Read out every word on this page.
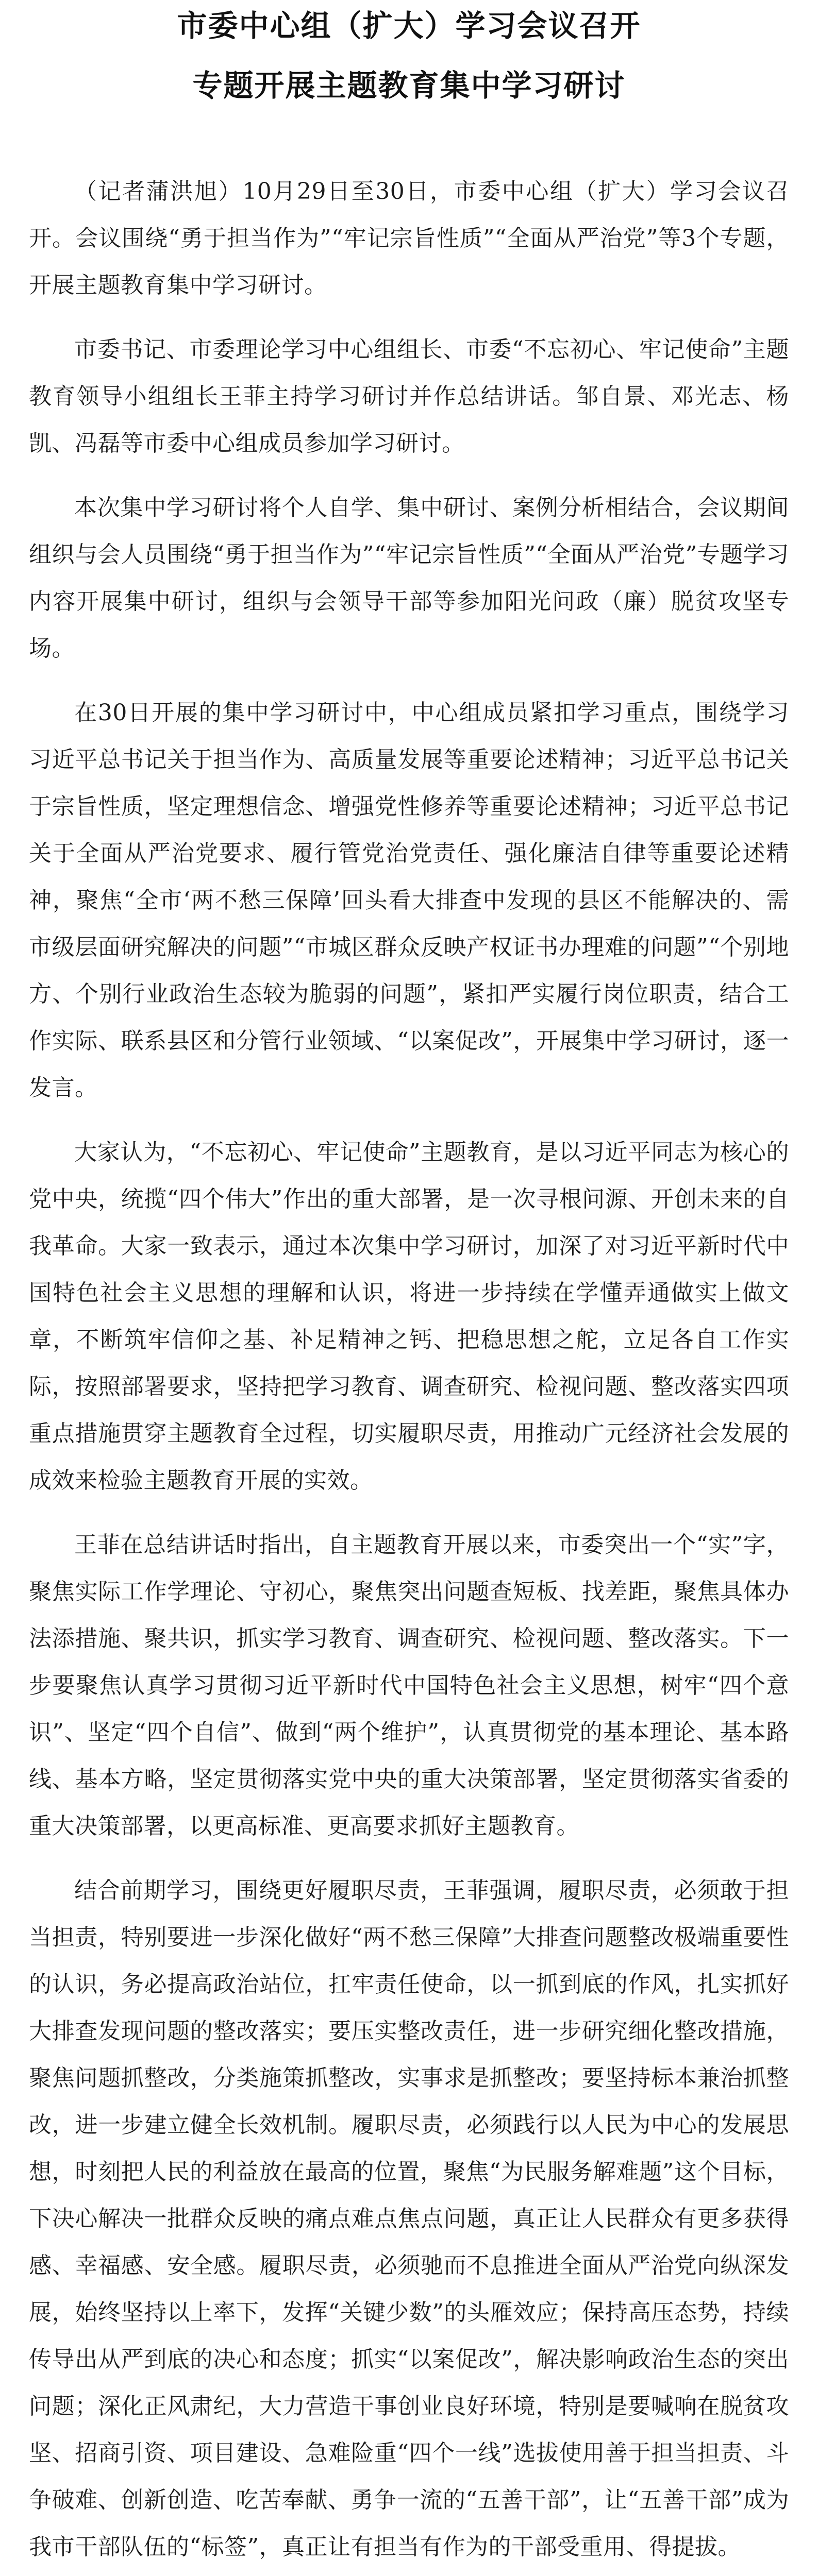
市委中心组（扩大）学习会议召开
专题开展主题教育集中学习研讨

（记者蒲洪旭）10月29日至30日，市委中心组（扩大）学习会议召开。会议围绕“勇于担当作为”“牢记宗旨性质”“全面从严治党”等3个专题，开展主题教育集中学习研讨。

市委书记、市委理论学习中心组组长、市委“不忘初心、牢记使命”主题教育领导小组组长王菲主持学习研讨并作总结讲话。邹自景、邓光志、杨凯、冯磊等市委中心组成员参加学习研讨。

本次集中学习研讨将个人自学、集中研讨、案例分析相结合，会议期间组织与会人员围绕“勇于担当作为”“牢记宗旨性质”“全面从严治党”专题学习内容开展集中研讨，组织与会领导干部等参加阳光问政（廉）脱贫攻坚专场。

在30日开展的集中学习研讨中，中心组成员紧扣学习重点，围绕学习习近平总书记关于担当作为、高质量发展等重要论述精神；习近平总书记关于宗旨性质，坚定理想信念、增强党性修养等重要论述精神；习近平总书记关于全面从严治党要求、履行管党治党责任、强化廉洁自律等重要论述精神，聚焦“全市‘两不愁三保障’回头看大排查中发现的县区不能解决的、需市级层面研究解决的问题”“市城区群众反映产权证书办理难的问题”“个别地方、个别行业政治生态较为脆弱的问题”，紧扣严实履行岗位职责，结合工作实际、联系县区和分管行业领域、“以案促改”，开展集中学习研讨，逐一发言。

大家认为，“不忘初心、牢记使命”主题教育，是以习近平同志为核心的党中央，统揽“四个伟大”作出的重大部署，是一次寻根问源、开创未来的自我革命。大家一致表示，通过本次集中学习研讨，加深了对习近平新时代中国特色社会主义思想的理解和认识，将进一步持续在学懂弄通做实上做文章，不断筑牢信仰之基、补足精神之钙、把稳思想之舵，立足各自工作实际，按照部署要求，坚持把学习教育、调查研究、检视问题、整改落实四项重点措施贯穿主题教育全过程，切实履职尽责，用推动广元经济社会发展的成效来检验主题教育开展的实效。

王菲在总结讲话时指出，自主题教育开展以来，市委突出一个“实”字，聚焦实际工作学理论、守初心，聚焦突出问题查短板、找差距，聚焦具体办法添措施、聚共识，抓实学习教育、调查研究、检视问题、整改落实。下一步要聚焦认真学习贯彻习近平新时代中国特色社会主义思想，树牢“四个意识”、坚定“四个自信”、做到“两个维护”，认真贯彻党的基本理论、基本路线、基本方略，坚定贯彻落实党中央的重大决策部署，坚定贯彻落实省委的重大决策部署，以更高标准、更高要求抓好主题教育。

结合前期学习，围绕更好履职尽责，王菲强调，履职尽责，必须敢于担当担责，特别要进一步深化做好“两不愁三保障”大排查问题整改极端重要性的认识，务必提高政治站位，扛牢责任使命，以一抓到底的作风，扎实抓好大排查发现问题的整改落实；要压实整改责任，进一步研究细化整改措施，聚焦问题抓整改，分类施策抓整改，实事求是抓整改；要坚持标本兼治抓整改，进一步建立健全长效机制。履职尽责，必须践行以人民为中心的发展思想，时刻把人民的利益放在最高的位置，聚焦“为民服务解难题”这个目标，下决心解决一批群众反映的痛点难点焦点问题，真正让人民群众有更多获得感、幸福感、安全感。履职尽责，必须驰而不息推进全面从严治党向纵深发展，始终坚持以上率下，发挥“关键少数”的头雁效应；保持高压态势，持续传导出从严到底的决心和态度；抓实“以案促改”，解决影响政治生态的突出问题；深化正风肃纪，大力营造干事创业良好环境，特别是要喊响在脱贫攻坚、招商引资、项目建设、急难险重“四个一线”选拔使用善于担当担责、斗争破难、创新创造、吃苦奉献、勇争一流的“五善干部”，让“五善干部”成为我市干部队伍的“标签”，真正让有担当有作为的干部受重用、得提拔。
